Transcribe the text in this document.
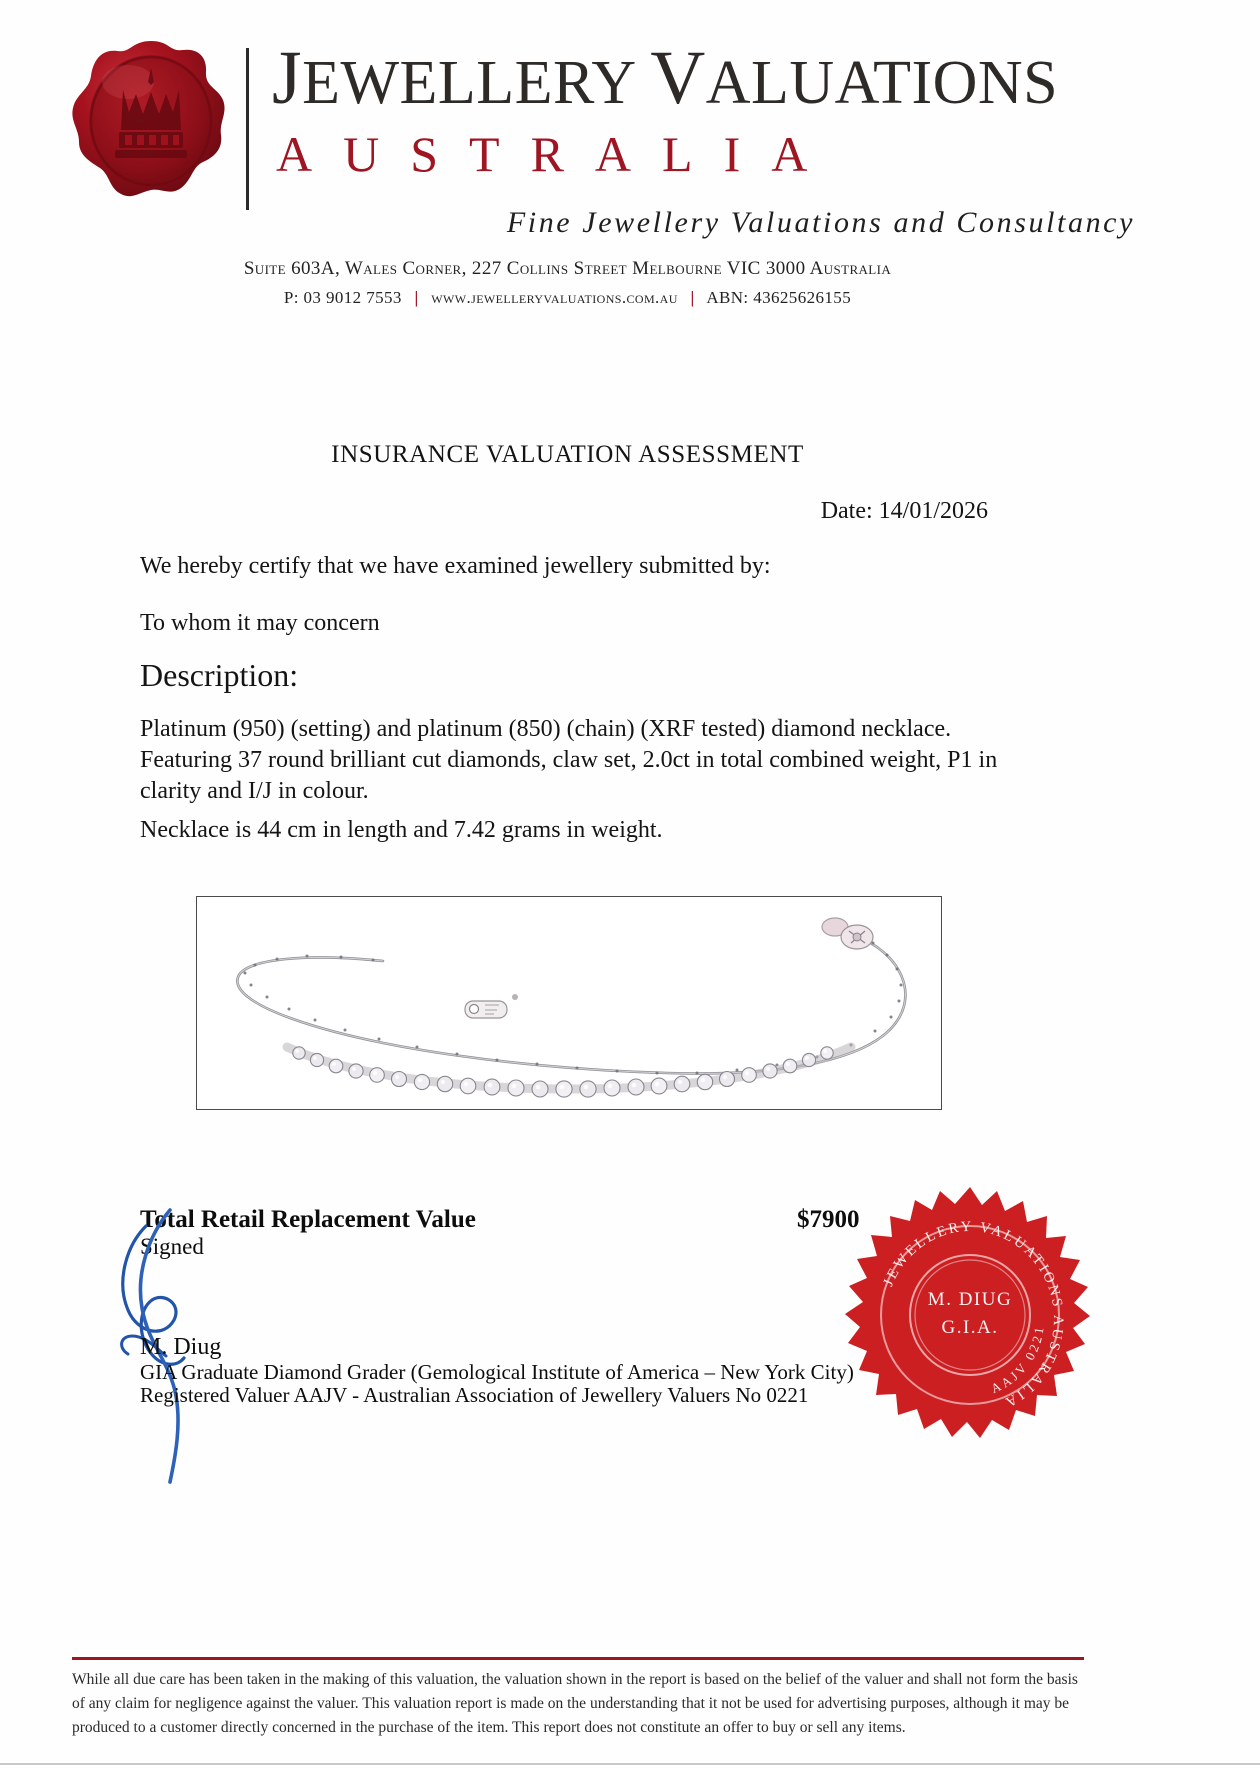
JEWELLERY VALUATIONS
AUSTRALIA
Fine Jewellery Valuations and Consultancy
Suite 603A, Wales Corner, 227 Collins Street Melbourne VIC 3000 Australia
P: 03 9012 7553 | www.jewelleryvaluations.com.au | ABN: 43625626155
INSURANCE VALUATION ASSESSMENT
Date: 14/01/2026
We hereby certify that we have examined jewellery submitted by:
To whom it may concern
Description:
Platinum (950) (setting) and platinum (850) (chain) (XRF tested) diamond necklace. Featuring 37 round brilliant cut diamonds, claw set, 2.0ct in total combined weight, P1 in clarity and I/J in colour.
Necklace is 44 cm in length and 7.42 grams in weight.
Total Retail Replacement Value	$7900
Signed
M. Diug
GIA Graduate Diamond Grader (Gemological Institute of America – New York City)
Registered Valuer AAJV - Australian Association of Jewellery Valuers No 0221
JEWELLERY VALUATIONS AUSTRALIA
AAJV 0221
M. DIUG
G.I.A.
While all due care has been taken in the making of this valuation, the valuation shown in the report is based on the belief of the valuer and shall not form the basis of any claim for negligence against the valuer. This valuation report is made on the understanding that it not be used for advertising purposes, although it may be produced to a customer directly concerned in the purchase of the item. This report does not constitute an offer to buy or sell any items.
